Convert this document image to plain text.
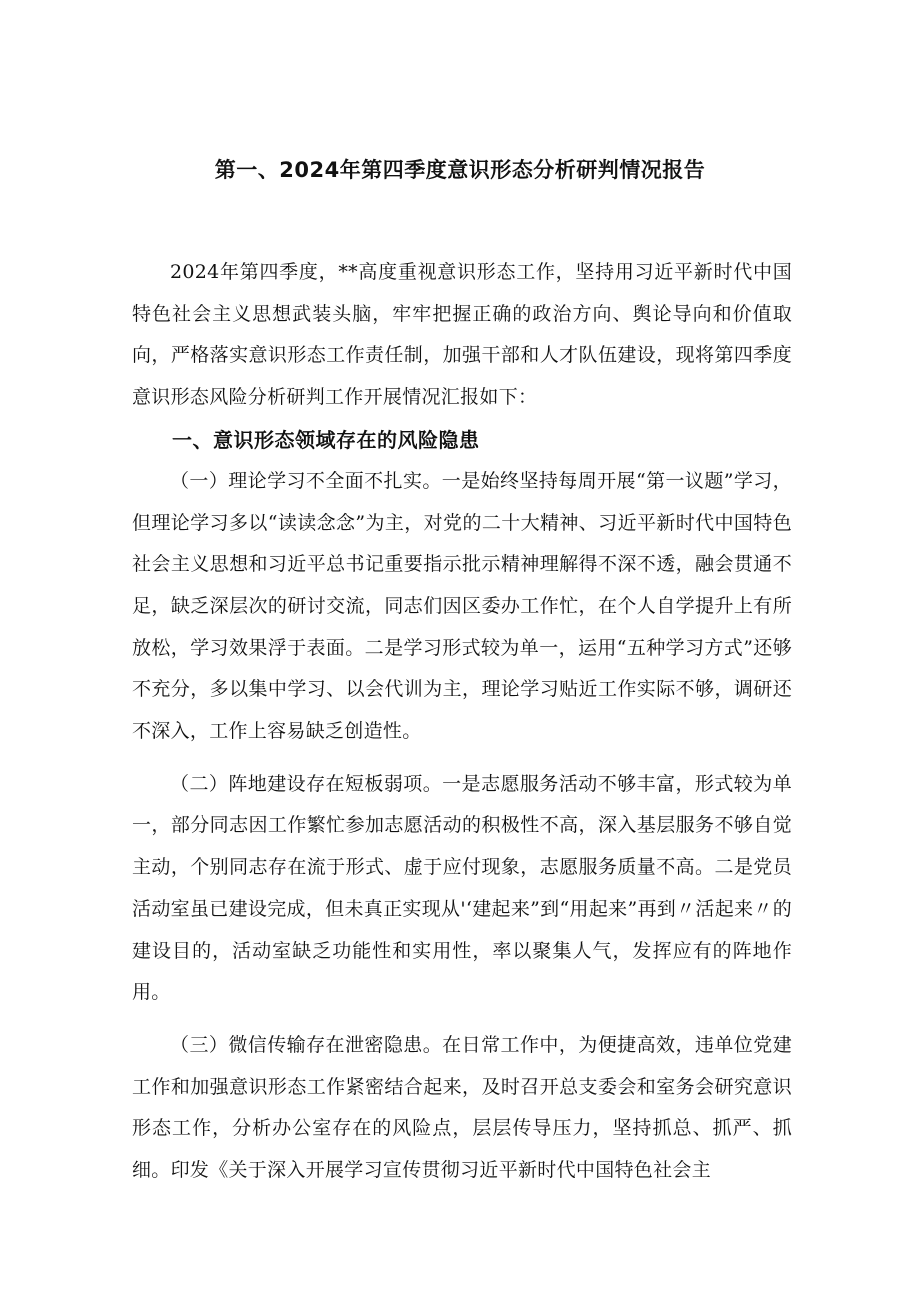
第一、2024年第四季度意识形态分析研判情况报告

2024年第四季度，**高度重视意识形态工作，坚持用习近平新时代中国特色社会主义思想武装头脑，牢牢把握正确的政治方向、舆论导向和价值取向，严格落实意识形态工作责任制，加强干部和人才队伍建设，现将第四季度意识形态风险分析研判工作开展情况汇报如下：

一、意识形态领域存在的风险隐患

（一）理论学习不全面不扎实。一是始终坚持每周开展“第一议题”学习，但理论学习多以“读读念念”为主，对党的二十大精神、习近平新时代中国特色社会主义思想和习近平总书记重要指示批示精神理解得不深不透，融会贯通不足，缺乏深层次的研讨交流，同志们因区委办工作忙，在个人自学提升上有所放松，学习效果浮于表面。二是学习形式较为单一，运用“五种学习方式”还够不充分，多以集中学习、以会代训为主，理论学习贴近工作实际不够，调研还不深入，工作上容易缺乏创造性。

（二）阵地建设存在短板弱项。一是志愿服务活动不够丰富，形式较为单一，部分同志因工作繁忙参加志愿活动的积极性不高，深入基层服务不够自觉主动，个别同志存在流于形式、虚于应付现象，志愿服务质量不高。二是党员活动室虽已建设完成，但未真正实现从'‘建起来”到“用起来”再到〃活起来〃的建设目的，活动室缺乏功能性和实用性，率以聚集人气，发挥应有的阵地作用。

（三）微信传输存在泄密隐患。在日常工作中，为便捷高效，违单位党建工作和加强意识形态工作紧密结合起来，及时召开总支委会和室务会研究意识形态工作，分析办公室存在的风险点，层层传导压力，坚持抓总、抓严、抓细。印发《关于深入开展学习宣传贯彻习近平新时代中国特色社会主
